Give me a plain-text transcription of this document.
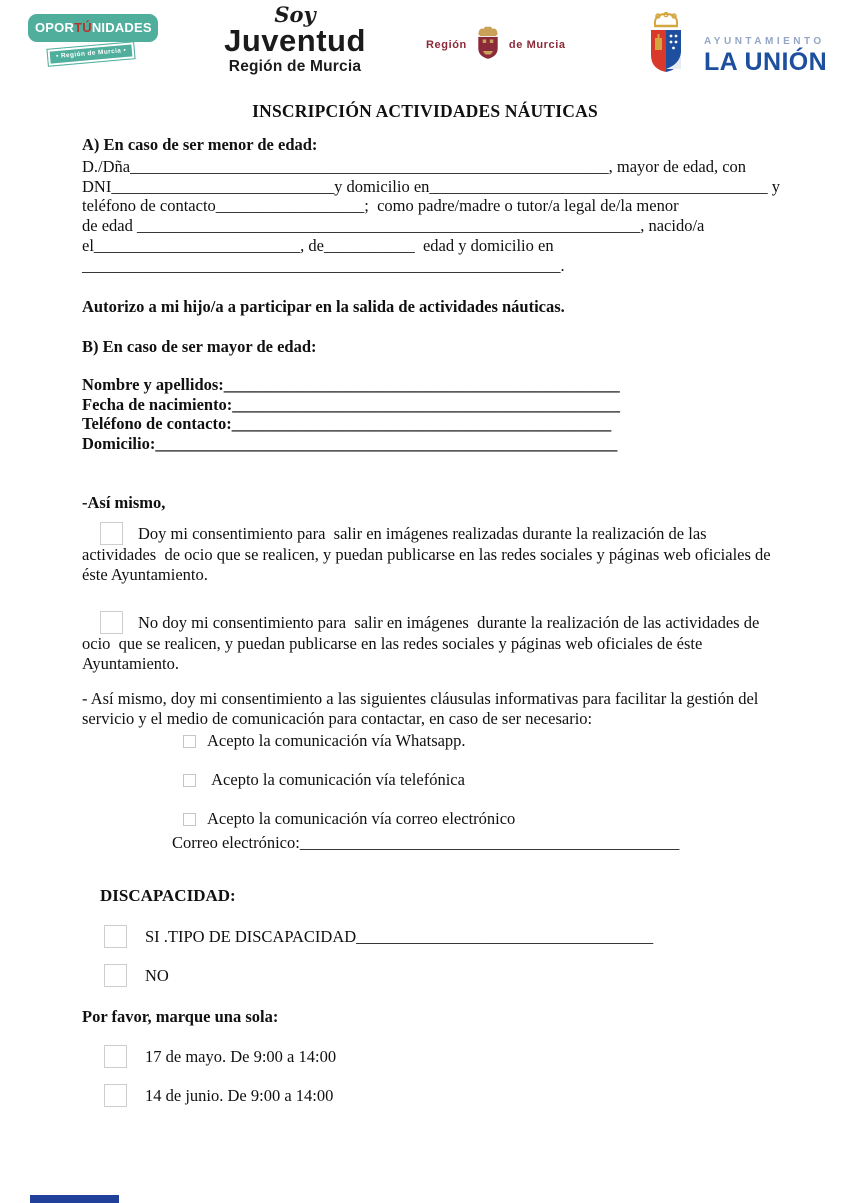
OPORTÚNIDADES
• Región de Murcia •
Soy
Juventud
Región de Murcia
Región	de Murcia	AYUNTAMIENTO
LA UNIÓN
INSCRIPCIÓN ACTIVIDADES NÁUTICAS
A) En caso de ser menor de edad:
D./Dña__________________________________________________________, mayor de edad, con
DNI___________________________y domicilio en_________________________________________ y
teléfono de contacto__________________;  como padre/madre o tutor/a legal de/la menor
de edad _____________________________________________________________, nacido/a
el_________________________, de___________  edad y domicilio en
__________________________________________________________.
Autorizo a mi hijo/a a participar en la salida de actividades náuticas.
B) En caso de ser mayor de edad:
Nombre y apellidos:________________________________________________
Fecha de nacimiento:_______________________________________________
Teléfono de contacto:______________________________________________
Domicilio:________________________________________________________
-Así mismo,
Doy mi consentimiento para  salir en imágenes realizadas durante la realización de las actividades  de ocio que se realicen, y puedan publicarse en las redes sociales y páginas web oficiales de éste Ayuntamiento.
No doy mi consentimiento para  salir en imágenes  durante la realización de las actividades de ocio  que se realicen, y puedan publicarse en las redes sociales y páginas web oficiales de éste Ayuntamiento.
- Así mismo, doy mi consentimiento a las siguientes cláusulas informativas para facilitar la gestión del servicio y el medio de comunicación para contactar, en caso de ser necesario:
Acepto la comunicación vía Whatsapp.
Acepto la comunicación vía telefónica
Acepto la comunicación vía correo electrónico
Correo electrónico:______________________________________________
DISCAPACIDAD:
SI .TIPO DE DISCAPACIDAD____________________________________
NO
Por favor, marque una sola:
17 de mayo. De 9:00 a 14:00
14 de junio. De 9:00 a 14:00
